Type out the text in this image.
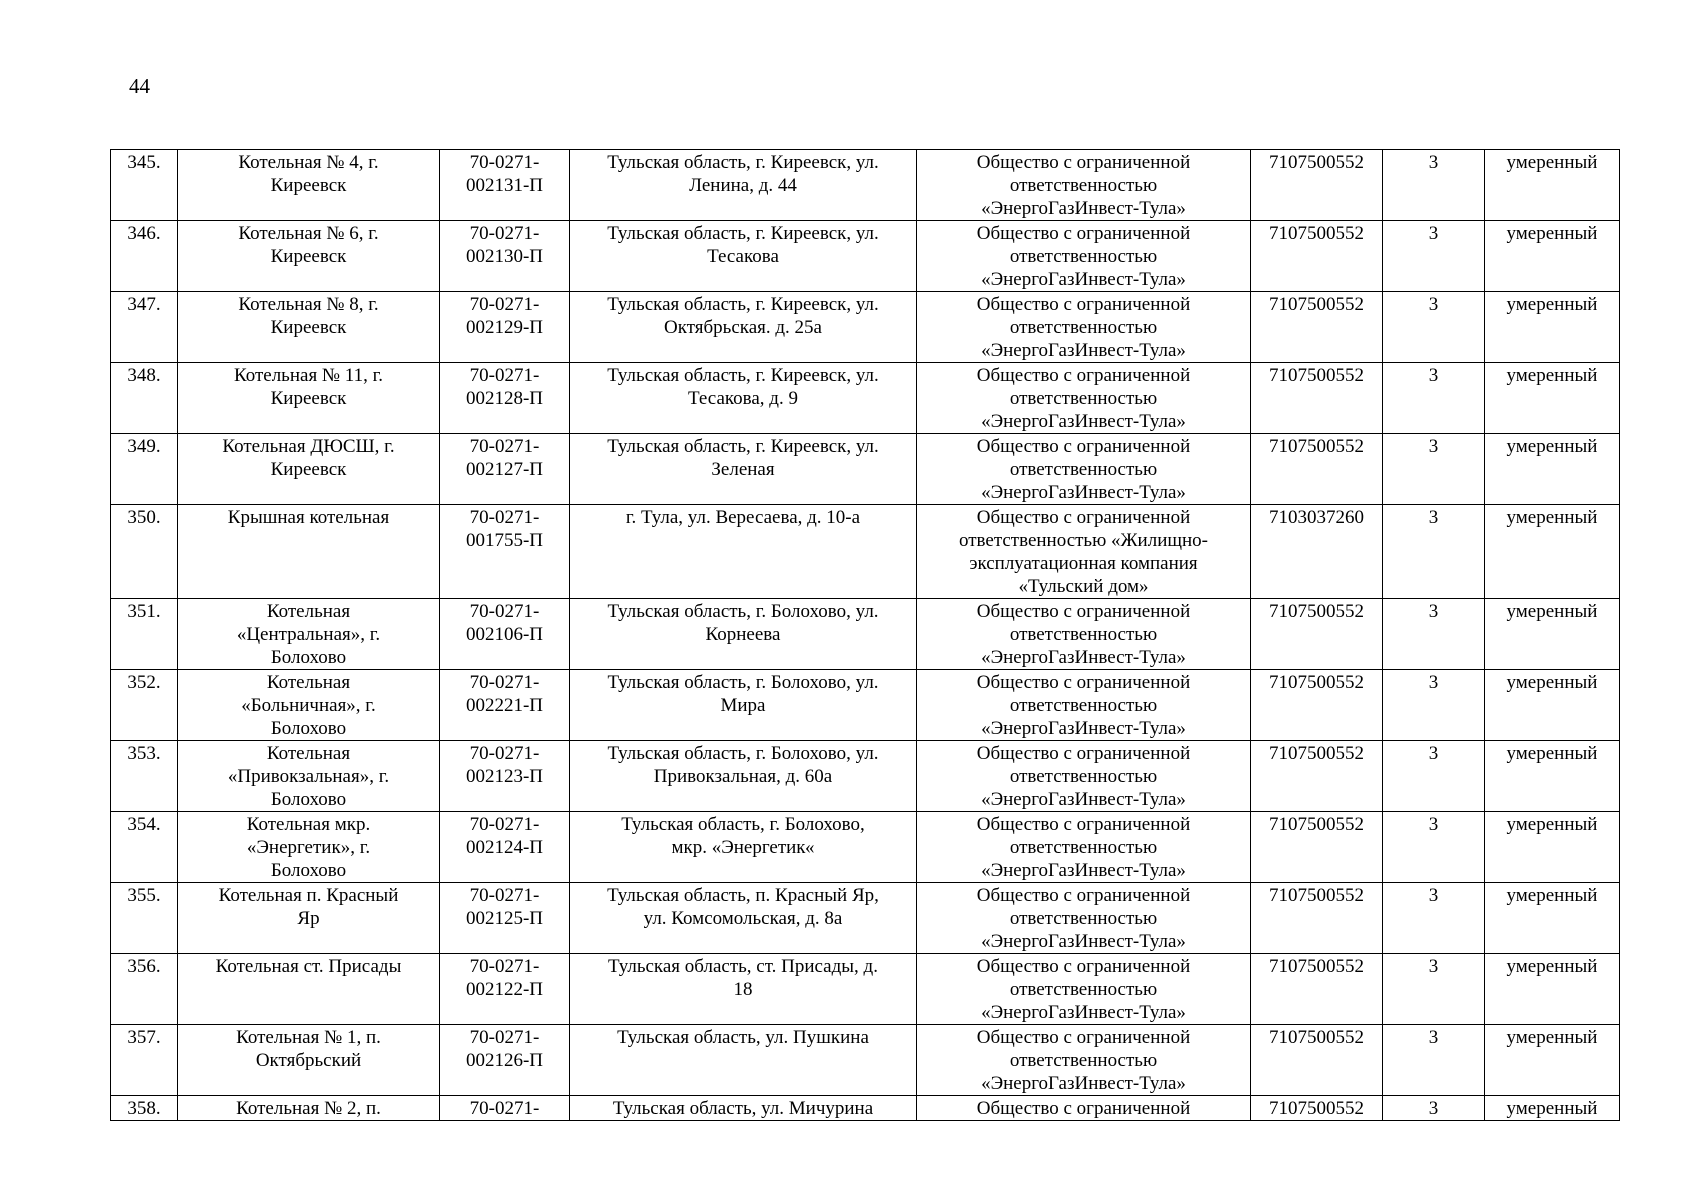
44
345.	Котельная № 4, г.
Киреевск	70-0271-
002131-П	Тульская область, г. Киреевск, ул.
Ленина, д. 44	Общество с ограниченной
ответственностью
«ЭнергоГазИнвест-Тула»	7107500552	3	умеренный
346.	Котельная № 6, г.
Киреевск	70-0271-
002130-П	Тульская область, г. Киреевск, ул.
Тесакова	Общество с ограниченной
ответственностью
«ЭнергоГазИнвест-Тула»	7107500552	3	умеренный
347.	Котельная № 8, г.
Киреевск	70-0271-
002129-П	Тульская область, г. Киреевск, ул.
Октябрьская. д. 25а	Общество с ограниченной
ответственностью
«ЭнергоГазИнвест-Тула»	7107500552	3	умеренный
348.	Котельная № 11, г.
Киреевск	70-0271-
002128-П	Тульская область, г. Киреевск, ул.
Тесакова, д. 9	Общество с ограниченной
ответственностью
«ЭнергоГазИнвест-Тула»	7107500552	3	умеренный
349.	Котельная ДЮСШ, г.
Киреевск	70-0271-
002127-П	Тульская область, г. Киреевск, ул.
Зеленая	Общество с ограниченной
ответственностью
«ЭнергоГазИнвест-Тула»	7107500552	3	умеренный
350.	Крышная котельная	70-0271-
001755-П	г. Тула, ул. Вересаева, д. 10-а	Общество с ограниченной
ответственностью «Жилищно-
эксплуатационная компания
«Тульский дом»	7103037260	3	умеренный
351.	Котельная
«Центральная», г.
Болохово	70-0271-
002106-П	Тульская область, г. Болохово, ул.
Корнеева	Общество с ограниченной
ответственностью
«ЭнергоГазИнвест-Тула»	7107500552	3	умеренный
352.	Котельная
«Больничная», г.
Болохово	70-0271-
002221-П	Тульская область, г. Болохово, ул.
Мира	Общество с ограниченной
ответственностью
«ЭнергоГазИнвест-Тула»	7107500552	3	умеренный
353.	Котельная
«Привокзальная», г.
Болохово	70-0271-
002123-П	Тульская область, г. Болохово, ул.
Привокзальная, д. 60а	Общество с ограниченной
ответственностью
«ЭнергоГазИнвест-Тула»	7107500552	3	умеренный
354.	Котельная мкр.
«Энергетик», г.
Болохово	70-0271-
002124-П	Тульская область, г. Болохово,
мкр. «Энергетик«	Общество с ограниченной
ответственностью
«ЭнергоГазИнвест-Тула»	7107500552	3	умеренный
355.	Котельная п. Красный
Яр	70-0271-
002125-П	Тульская область, п. Красный Яр,
ул. Комсомольская, д. 8а	Общество с ограниченной
ответственностью
«ЭнергоГазИнвест-Тула»	7107500552	3	умеренный
356.	Котельная ст. Присады	70-0271-
002122-П	Тульская область, ст. Присады, д.
18	Общество с ограниченной
ответственностью
«ЭнергоГазИнвест-Тула»	7107500552	3	умеренный
357.	Котельная № 1, п.
Октябрьский	70-0271-
002126-П	Тульская область, ул. Пушкина	Общество с ограниченной
ответственностью
«ЭнергоГазИнвест-Тула»	7107500552	3	умеренный
358.	Котельная № 2, п.	70-0271-	Тульская область, ул. Мичурина	Общество с ограниченной	7107500552	3	умеренный
